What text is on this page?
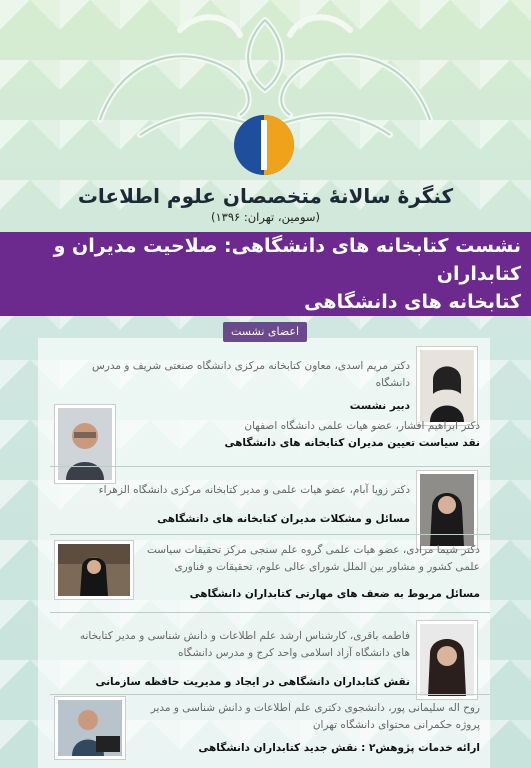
کنگرۀ سالانۀ متخصصان علوم اطلاعات
(سومین، تهران: ۱۳۹۶)
نشست کتابخانه های دانشگاهی: صلاحیت مدیران و کتابداران
کتابخانه های دانشگاهی
اعضای نشست
دکتر مریم اسدی، معاون کتابخانه مرکزی دانشگاه صنعتی شریف و مدرس دانشگاه
دبیر نشست
دکتر ابراهیم افشار، عضو هیات علمی دانشگاه اصفهان
نقد سیاست تعیین مدیران کتابخانه های دانشگاهی
دکتر زویا آبام، عضو هیات علمی و مدیر کتابخانه مرکزی دانشگاه الزهراء
مسائل و مشکلات مدیران کتابخانه های دانشگاهی
دکتر شیما مرادی، عضو هیات علمی گروه علم سنجی مرکز تحقیقات سیاست علمی کشور و مشاور بین الملل شورای عالی علوم، تحقیقات و فناوری
مسائل مربوط به ضعف های مهارتی کتابداران دانشگاهی
فاطمه باقری، کارشناس ارشد علم اطلاعات و دانش شناسی و مدیر کتابخانه های دانشگاه آزاد اسلامی واحد کرج و مدرس دانشگاه
نقش کتابداران دانشگاهی در ایجاد و مدیریت حافظه سازمانی
روح اله سلیمانی پور، دانشجوی دکتری علم اطلاعات و دانش شناسی و مدیر پروژه حکمرانی محتوای دانشگاه تهران
ارائه خدمات پژوهش۲ : نقش جدید کتابداران دانشگاهی
